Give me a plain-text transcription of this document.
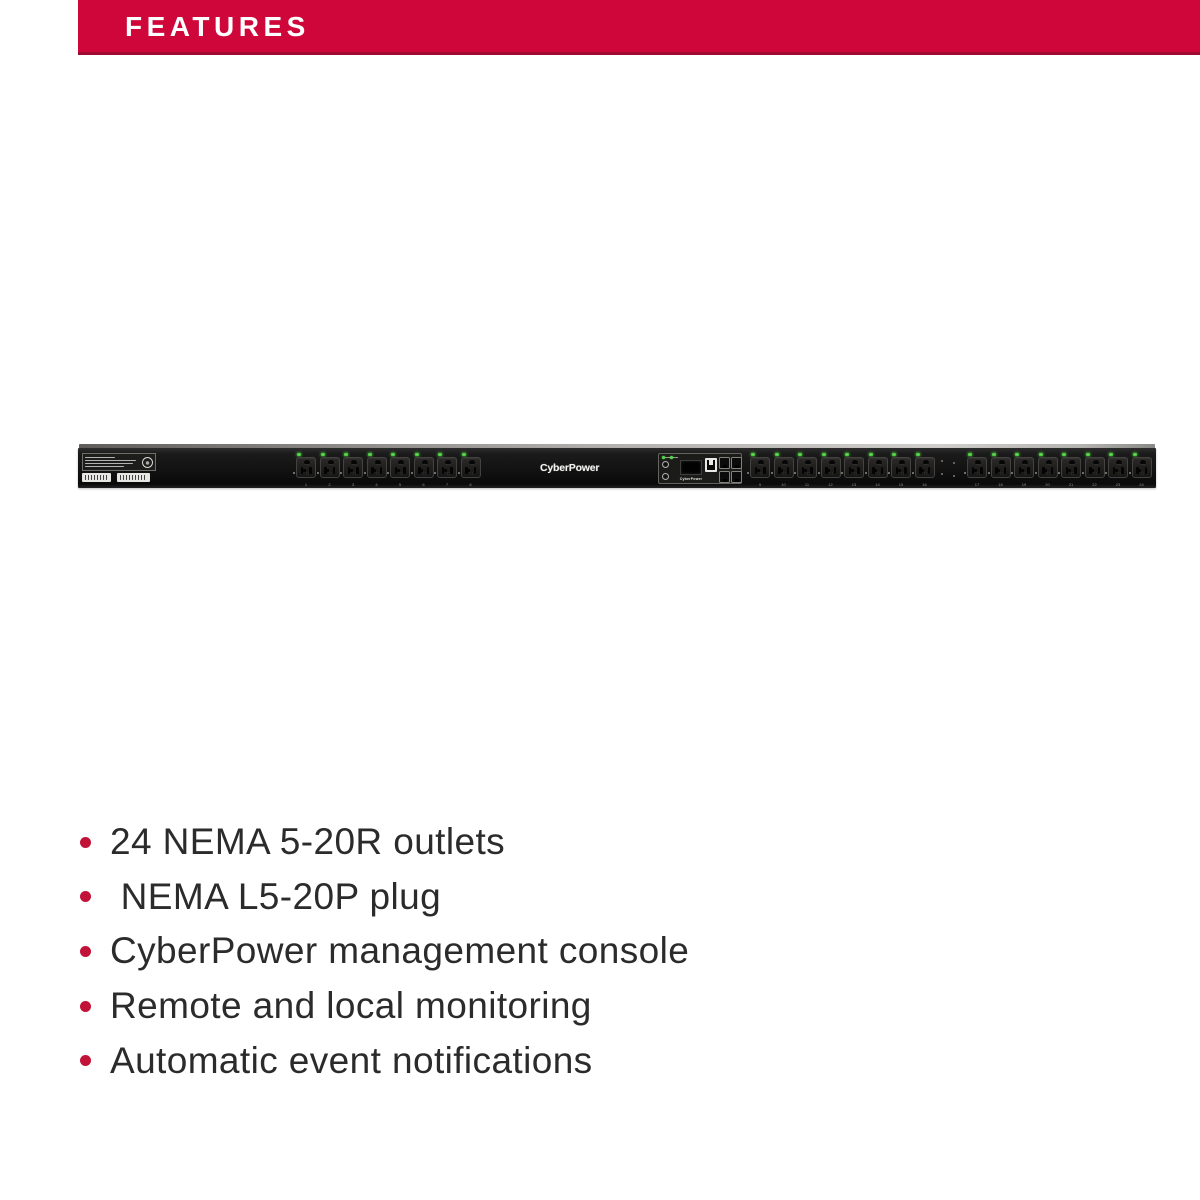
FEATURES
1	2	3	4	5	6	7	8
CyberPower
CyberPower
9	10	11	12	13	14	15	16	17	18	19	20	21	22	23	24
24 NEMA 5-20R outlets
NEMA L5-20P plug
CyberPower management console
Remote and local monitoring
Automatic event notifications
